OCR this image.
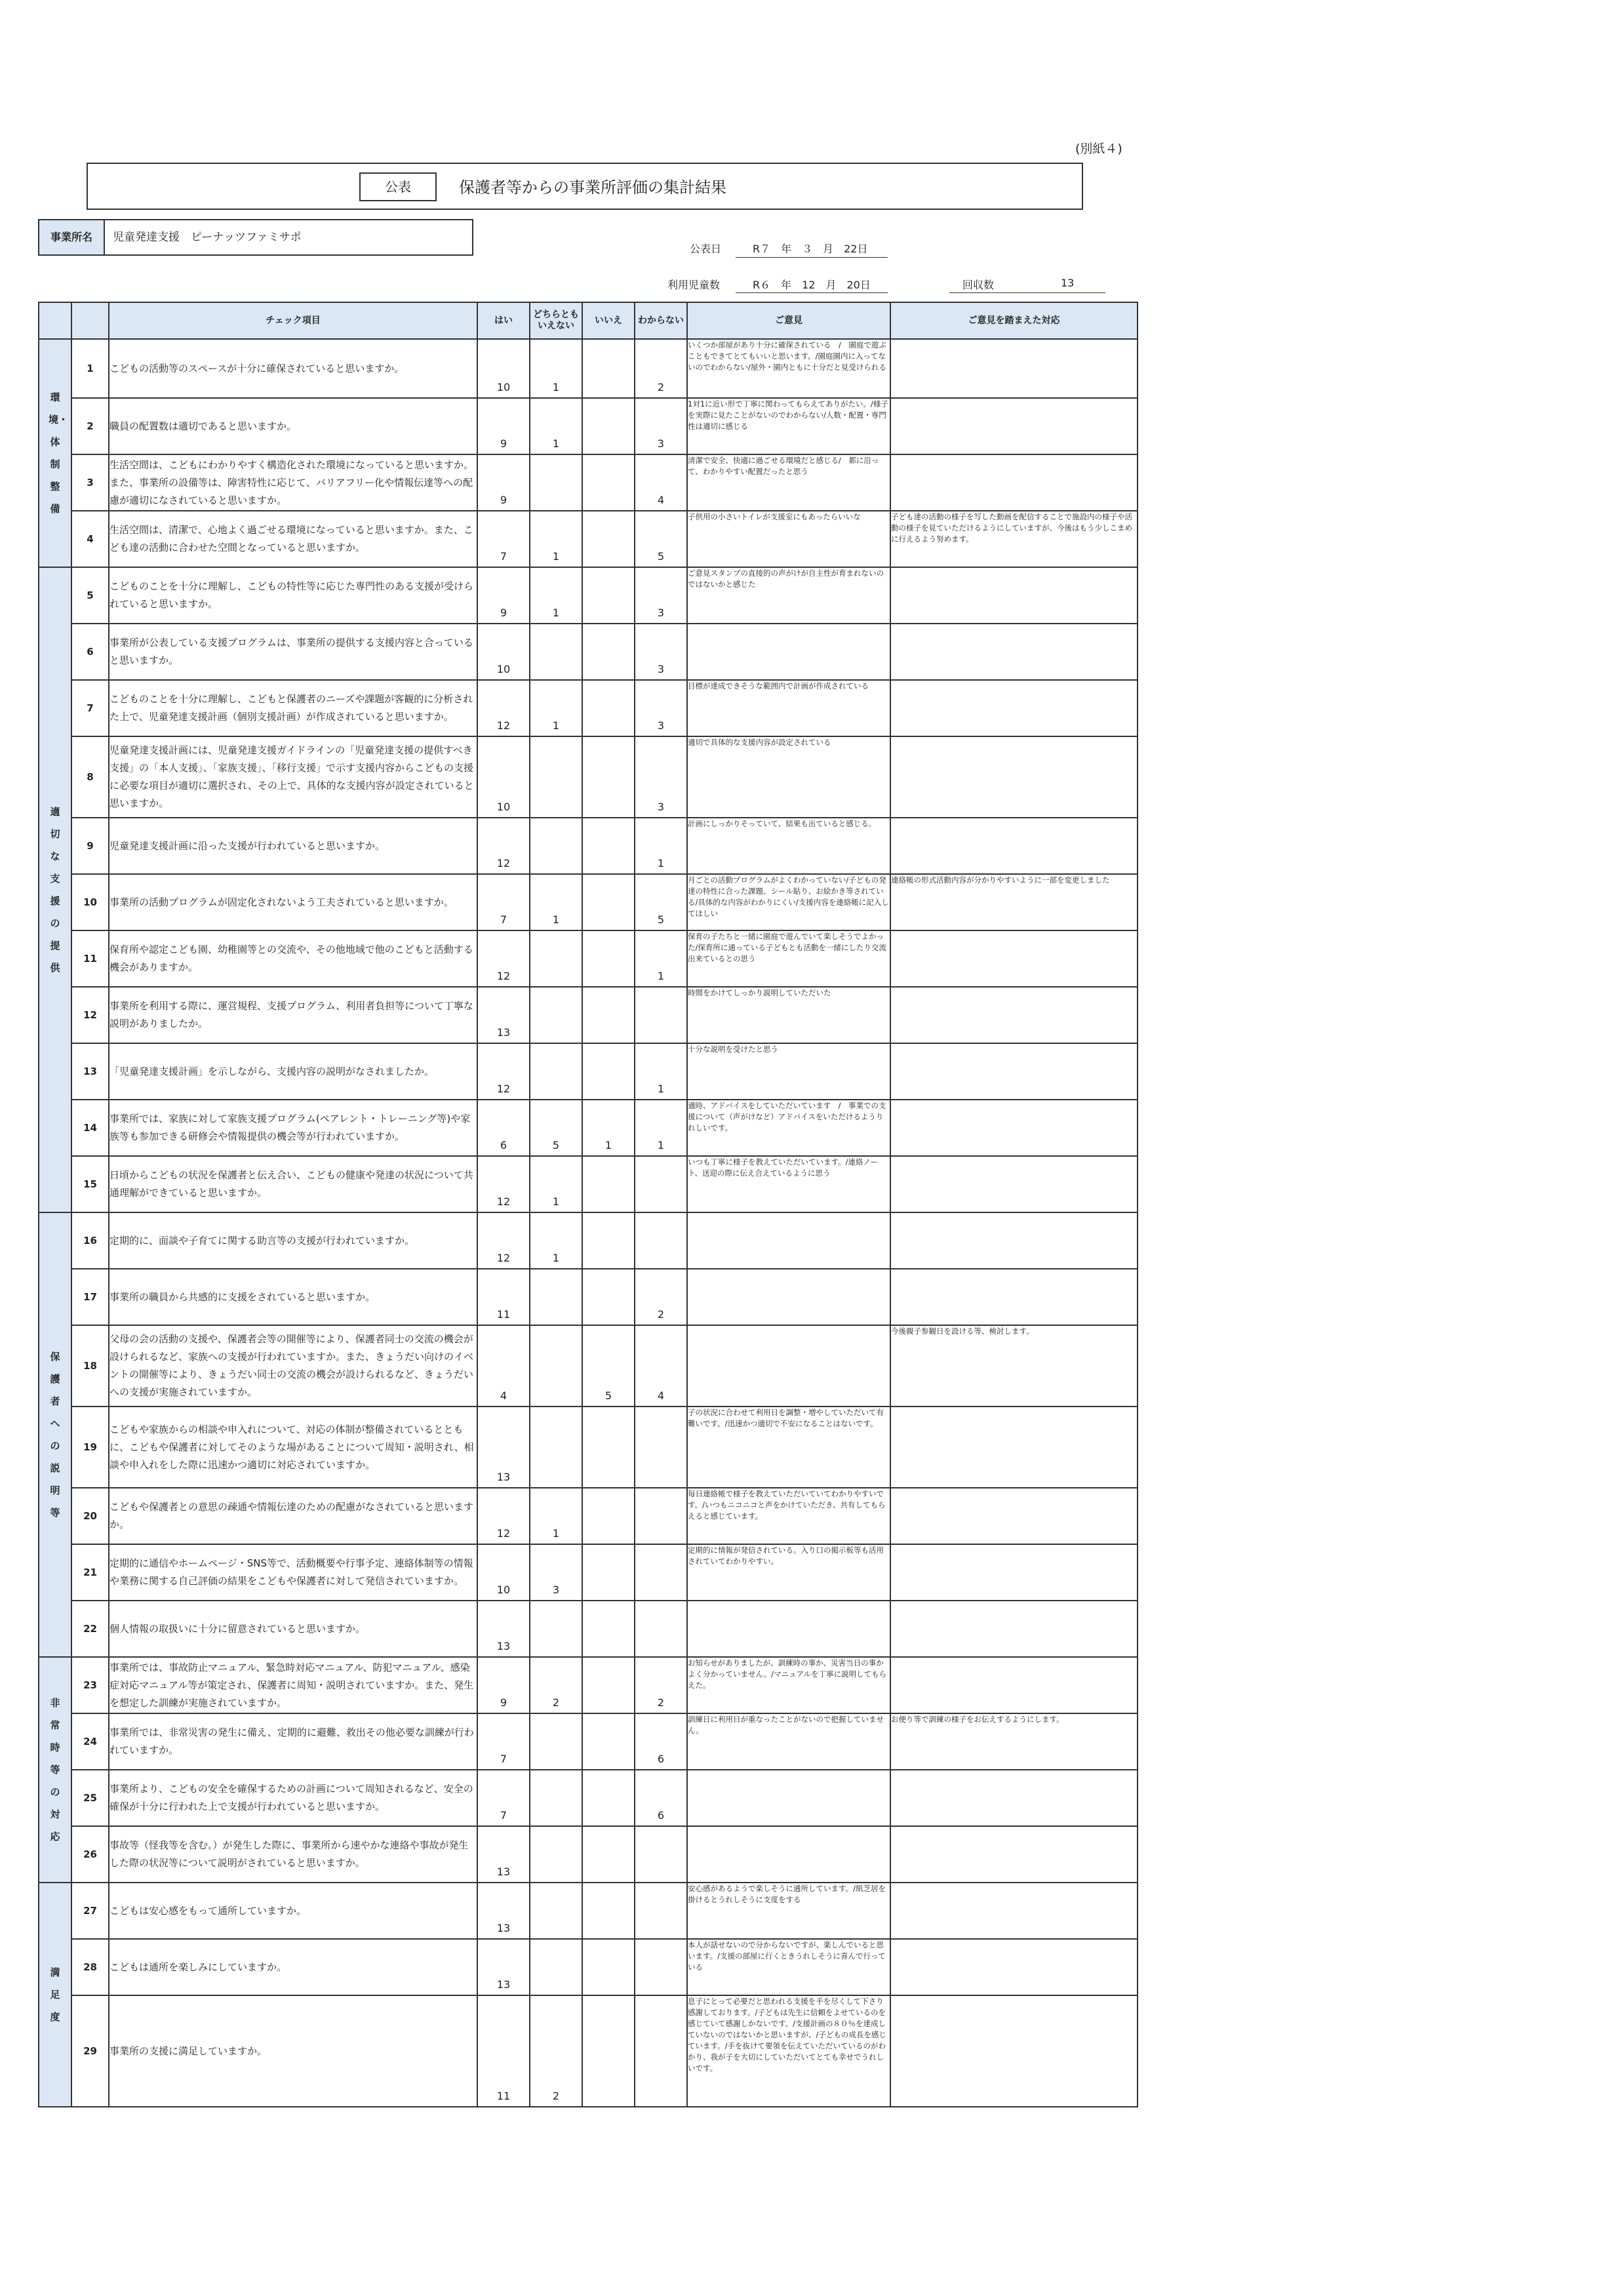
(別紙４)
公表	保護者等からの事業所評価の集計結果
事業所名	児童発達支援　ピーナッツファミサポ
公表日	R７　年　３　月　22日
利用児童数	R６　年　12　月　20日	回収数	13
		チェック項目	はい	どちらともいえない	いいえ	わからない	ご意見	ご意見を踏まえた対応

環境・体制整備	1	こどもの活動等のスペースが十分に確保されていると思いますか。	10	1		2	いくつか部屋があり十分に確保されている　/　園庭で遊ぶこともできてとてもいいと思います。/園庭園内に入ってないのでわからない/屋外・園内ともに十分だと見受けられる	
	2	職員の配置数は適切であると思いますか。	9	1		3	1対1に近い形で丁寧に関わってもらえてありがたい。/様子を実際に見たことがないのでわからない/人数・配置・専門性は適切に感じる	
	3	生活空間は、こどもにわかりやすく構造化された環境になっていると思いますか。また、事業所の設備等は、障害特性に応じて、バリアフリー化や情報伝達等への配慮が適切になされていると思いますか。	9			4	清潔で安全、快適に過ごせる環境だと感じる/　都に沿って、わかりやすい配置だったと思う	
	4	生活空間は、清潔で、心地よく過ごせる環境になっていると思いますか。また、こども達の活動に合わせた空間となっていると思いますか。	7	1		5	子供用の小さいトイレが支援室にもあったらいいな	子ども達の活動の様子を写した動画を配信することで施設内の様子や活動の様子を見ていただけるようにしていますが、今後はもう少しこまめに行えるよう努めます。

適切な支援の提供	5	こどものことを十分に理解し、こどもの特性等に応じた専門性のある支援が受けられていると思いますか。	9	1		3	ご意見スタンプの直接的の声がけが自主性が育まれないのではないかと感じた	
	6	事業所が公表している支援プログラムは、事業所の提供する支援内容と合っていると思いますか。	10			3		

	7	こどものことを十分に理解し、こどもと保護者のニーズや課題が客観的に分析された上で、児童発達支援計画（個別支援計画）が作成されていると思いますか。	12	1		3	目標が達成できそうな範囲内で計画が作成されている	
	8	児童発達支援計画には、児童発達支援ガイドラインの「児童発達支援の提供すべき支援」の「本人支援」、「家族支援」、「移行支援」で示す支援内容からこどもの支援に必要な項目が適切に選択され、その上で、具体的な支援内容が設定されていると思いますか。	10			3	適切で具体的な支援内容が設定されている	
	9	児童発達支援計画に沿った支援が行われていると思いますか。	12			1	計画にしっかりそっていて、結果も出ていると感じる。	
	10	事業所の活動プログラムが固定化されないよう工夫されていると思いますか。	7	1		5	月ごとの活動プログラムがよくわかっていない/子どもの発達の特性に合った課題、シール貼り、お絵かき等されている/具体的な内容がわかりにくい/支援内容を連絡帳に記入してほしい	連絡帳の形式活動内容が分かりやすいように一部を変更しました
	11	保育所や認定こども園、幼稚園等との交流や、その他地域で他のこどもと活動する機会がありますか。	12			1	保育の子たちと一緒に園庭で遊んでいて楽しそうでよかった/保育所に通っている子どもとも活動を一緒にしたり交流出来ているとの思う	
	12	事業所を利用する際に、運営規程、支援プログラム、利用者負担等について丁寧な説明がありましたか。	13				時間をかけてしっかり説明していただいた	
	13	「児童発達支援計画」を示しながら、支援内容の説明がなされましたか。	12			1	十分な説明を受けたと思う	
	14	事業所では、家族に対して家族支援プログラム(ペアレント・トレーニング等)や家族等も参加できる研修会や情報提供の機会等が行われていますか。	6	5	1	1	適時、アドバイスをしていただいています　/　事業での支援について（声がけなど）アドバイスをいただけるようりれしいです。	
	15	日頃からこどもの状況を保護者と伝え合い、こどもの健康や発達の状況について共通理解ができていると思いますか。	12	1			いつも丁寧に様子を教えていただいています。/連絡ノート、送迎の際に伝え合えているように思う	

保護者への説明等	16	定期的に、面談や子育てに関する助言等の支援が行われていますか。	12	1				

	17	事業所の職員から共感的に支援をされていると思いますか。	11			2		

	18	父母の会の活動の支援や、保護者会等の開催等により、保護者同士の交流の機会が設けられるなど、家族への支援が行われていますか。また、きょうだい向けのイベントの開催等により、きょうだい同士の交流の機会が設けられるなど、きょうだいへの支援が実施されていますか。	4		5	4		今後親子参観日を設ける等、検討します。
	19	こどもや家族からの相談や申入れについて、対応の体制が整備されているとともに、こどもや保護者に対してそのような場があることについて周知・説明され、相談や申入れをした際に迅速かつ適切に対応されていますか。	13				子の状況に合わせて利用日を調整・増やしていただいて有難いです。/迅速かつ適切で不安になることはないです。	
	20	こどもや保護者との意思の疎通や情報伝達のための配慮がなされていると思いますか。	12	1			毎日連絡帳で様子を教えていただいていてわかりやすいです。/いつもニコニコと声をかけていただき、共有してもらえると感じています。	
	21	定期的に通信やホームページ・SNS等で、活動概要や行事予定、連絡体制等の情報や業務に関する自己評価の結果をこどもや保護者に対して発信されていますか。	10	3			定期的に情報が発信されている。入り口の掲示板等も活用されていてわかりやすい。	
	22	個人情報の取扱いに十分に留意されていると思いますか。	13					

非常時等の対応	23	事業所では、事故防止マニュアル、緊急時対応マニュアル、防犯マニュアル、感染症対応マニュアル等が策定され、保護者に周知・説明されていますか。また、発生を想定した訓練が実施されていますか。	9	2		2	お知らせがありましたが、訓練時の事か、災害当日の事かよく分かっていません。/マニュアルを丁寧に説明してもらえた。	
	24	事業所では、非常災害の発生に備え、定期的に避難、救出その他必要な訓練が行われていますか。	7			6	訓練日に利用日が重なったことがないので把握していません。	お便り等で訓練の様子をお伝えするようにします。
	25	事業所より、こどもの安全を確保するための計画について周知されるなど、安全の確保が十分に行われた上で支援が行われていると思いますか。	7			6		

	26	事故等（怪我等を含む。）が発生した際に、事業所から速やかな連絡や事故が発生した際の状況等について説明がされていると思いますか。	13					

満足度	27	こどもは安心感をもって通所していますか。	13				安心感があるようで楽しそうに通所しています。/紙芝居を掛けるとうれしそうに支度をする	
	28	こどもは通所を楽しみにしていますか。	13				本人が話せないので分からないですが、楽しんでいると思います。/支援の部屋に行くときうれしそうに喜んで行っている	
	29	事業所の支援に満足していますか。	11	2			息子にとって必要だと思われる支援を手を尽くして下さり感謝しております。/子どもは先生に信頼をよせているのを感じていて感謝しかないです。/支援計画の８０％を達成していないのではないかと思いますが、/子どもの成長を感じています。/手を抜けて要領を伝えていただいているのがわかり、我が子を大切にしていただいてとても幸せでうれしいです。	
